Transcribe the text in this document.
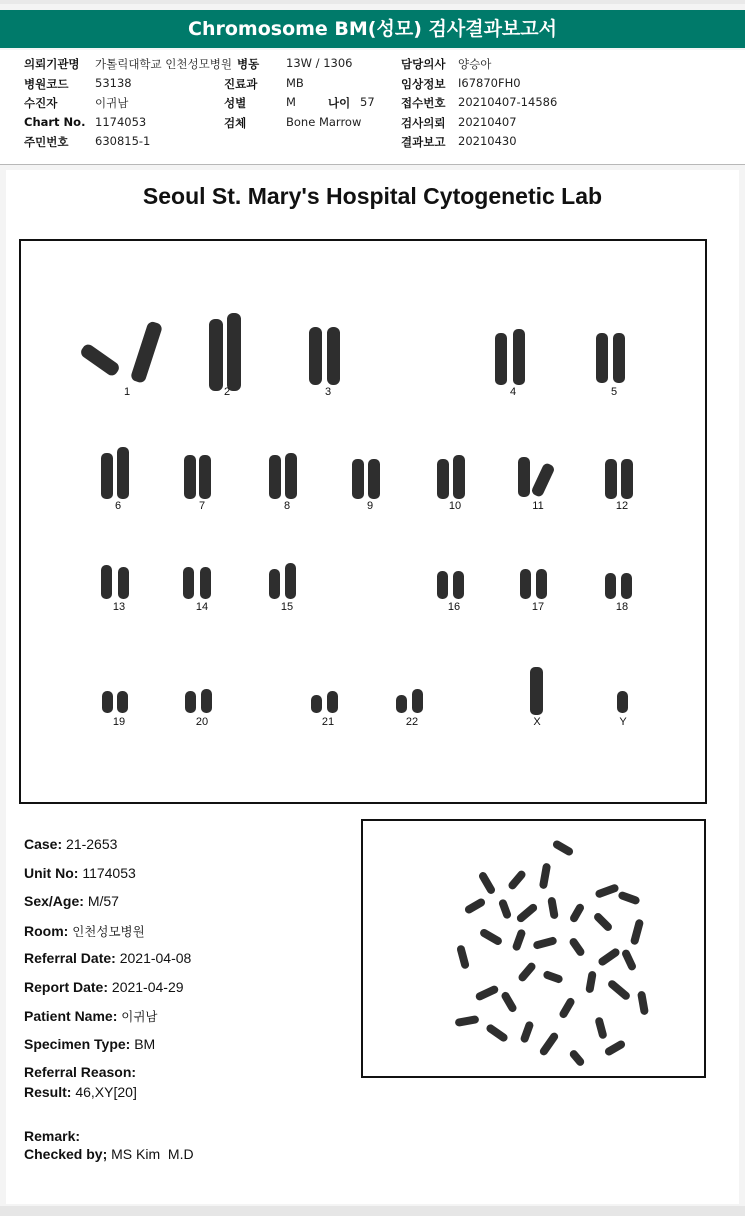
Chromosome BM(성모) 검사결과보고서
의뢰기관명 가톨릭대학교 인천성모병원
병원코드 53138
수진자	이귀남
Chart No. 1174053
주민번호 630815-1
병동 13W / 1306
진료과 MB
성별	M	나이 57
검체	Bone Marrow
담당의사 양승아
임상정보 I67870FH0
접수번호 20210407-14586
검사의뢰 20210407
결과보고 20210430
Seoul St. Mary's Hospital Cytogenetic Lab
1	2	3	4	5
6	7	8	9	10	11	12
13	14	15	16	17	18
19	20	21	22	X	Y
Case: 21-2653
Unit No: 1174053
Sex/Age: M/57
Room: 인천성모병원
Referral Date: 2021-04-08
Report Date: 2021-04-29
Patient Name: 이귀남
Specimen Type: BM
Referral Reason:
Result: 46,XY[20]
Remark:
Checked by; MS Kim  M.D
